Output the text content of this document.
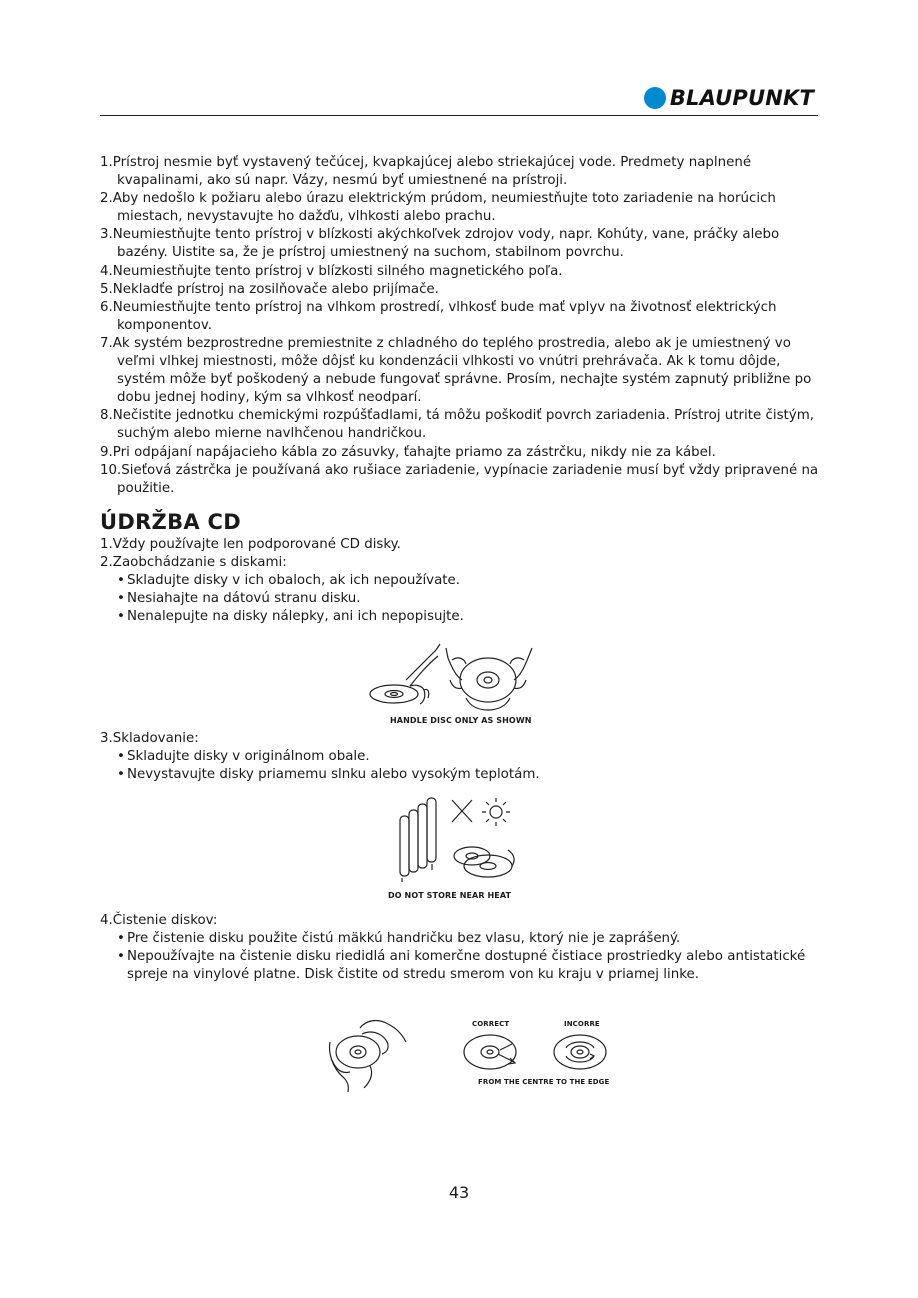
BLAUPUNKT
1.Prístroj nesmie byť vystavený tečúcej, kvapkajúcej alebo striekajúcej vode. Predmety naplnené kvapalinami, ako sú napr. Vázy, nesmú byť umiestnené na prístroji.
2.Aby nedošlo k požiaru alebo úrazu elektrickým prúdom, neumiestňujte toto zariadenie na horúcich miestach, nevystavujte ho dažďu, vlhkosti alebo prachu.
3.Neumiestňujte tento prístroj v blízkosti akýchkoľvek zdrojov vody, napr. Kohúty, vane, práčky alebo bazény. Uistite sa, že je prístroj umiestnený na suchom, stabilnom povrchu.
4.Neumiestňujte tento prístroj v blízkosti silného magnetického poľa.
5.Nekladťe prístroj na zosilňovače alebo prijímače.
6.Neumiestňujte tento prístroj na vlhkom prostredí, vlhkosť bude mať vplyv na životnosť elektrických komponentov.
7.Ak systém bezprostredne premiestnite z chladného do teplého prostredia, alebo ak je umiestnený vo veľmi vlhkej miestnosti, môže dôjsť ku kondenzácii vlhkosti vo vnútri prehrávača. Ak k tomu dôjde, systém môže byť poškodený a nebude fungovať správne. Prosím, nechajte systém zapnutý približne po dobu jednej hodiny, kým sa vlhkosť neodparí.
8.Nečistite jednotku chemickými rozpúšťadlami, tá môžu poškodiť povrch zariadenia. Prístroj utrite čistým, suchým alebo mierne navlhčenou handričkou.
9.Pri odpájaní napájacieho kábla zo zásuvky, ťahajte priamo za zástrčku, nikdy nie za kábel.
10.Sieťová zástrčka je používaná ako rušiace zariadenie, vypínacie zariadenie musí byť vždy pripravené na použitie.
ÚDRŽBA CD
1.Vždy používajte len podporované CD disky.
2.Zaobchádzanie s diskami:
• Skladujte disky v ich obaloch, ak ich nepoužívate.
• Nesiahajte na dátovú stranu disku.
• Nenalepujte na disky nálepky, ani ich nepopisujte.
HANDLE DISC ONLY AS SHOWN
3.Skladovanie:
• Skladujte disky v originálnom obale.
• Nevystavujte disky priamemu slnku alebo vysokým teplotám.
DO NOT STORE NEAR HEAT
4.Čistenie diskov:
• Pre čistenie disku použite čistú mäkkú handričku bez vlasu, ktorý nie je zaprášený.
• Nepoužívajte na čistenie disku riedidlá ani komerčne dostupné čistiace prostriedky alebo antistatické spreje na vinylové platne. Disk čistite od stredu smerom von ku kraju v priamej linke.
CORRECT	INCORRE
FROM THE CENTRE TO THE EDGE
43
